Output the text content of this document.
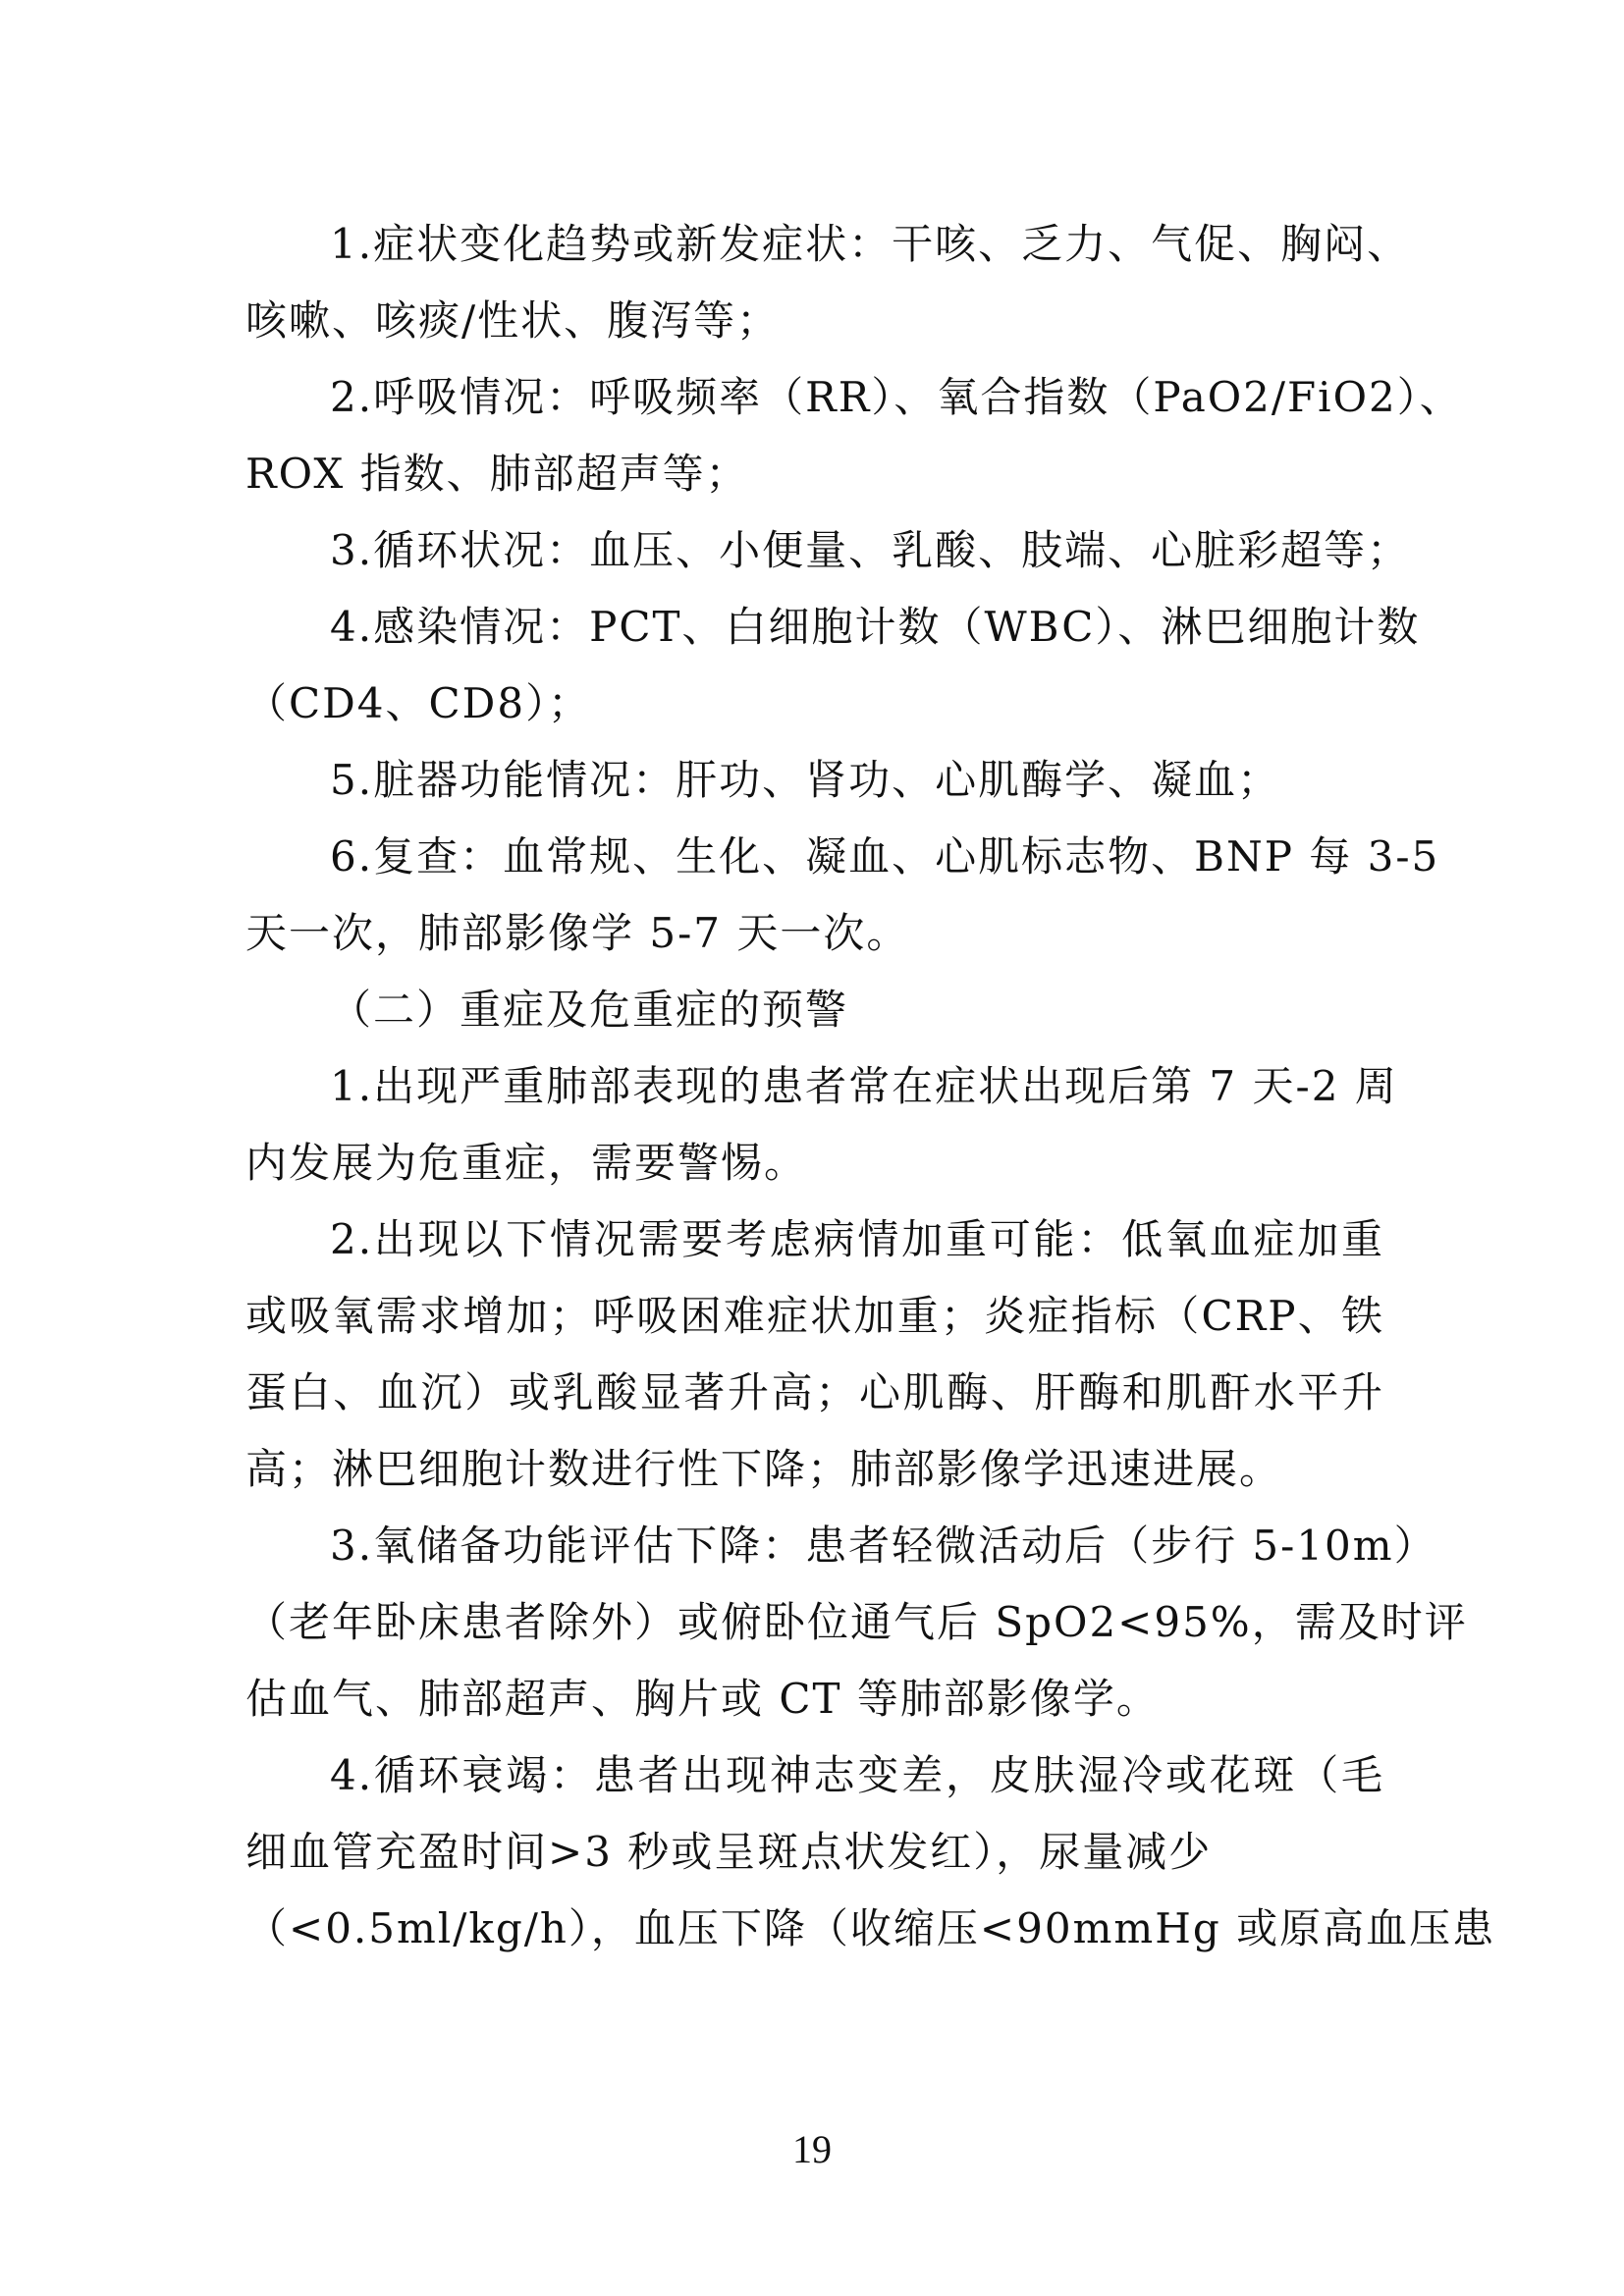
1.症状变化趋势或新发症状：干咳、乏力、气促、胸闷、
咳嗽、咳痰/性状、腹泻等；
2.呼吸情况：呼吸频率（RR）、氧合指数（PaO2/FiO2）、
ROX 指数、肺部超声等；
3.循环状况：血压、小便量、乳酸、肢端、心脏彩超等；
4.感染情况：PCT、白细胞计数（WBC）、淋巴细胞计数
（CD4、CD8）；
5.脏器功能情况：肝功、肾功、心肌酶学、凝血；
6.复查：血常规、生化、凝血、心肌标志物、BNP 每 3-5
天一次，肺部影像学 5-7 天一次。
（二）重症及危重症的预警
1.出现严重肺部表现的患者常在症状出现后第 7 天-2 周
内发展为危重症，需要警惕。
2.出现以下情况需要考虑病情加重可能：低氧血症加重
或吸氧需求增加；呼吸困难症状加重；炎症指标（CRP、铁
蛋白、血沉）或乳酸显著升高；心肌酶、肝酶和肌酐水平升
高；淋巴细胞计数进行性下降；肺部影像学迅速进展。
3.氧储备功能评估下降：患者轻微活动后（步行 5-10m）
（老年卧床患者除外）或俯卧位通气后 SpO2<95%，需及时评
估血气、肺部超声、胸片或 CT 等肺部影像学。
4.循环衰竭：患者出现神志变差，皮肤湿冷或花斑（毛
细血管充盈时间>3 秒或呈斑点状发红），尿量减少
（<0.5ml/kg/h），血压下降（收缩压<90mmHg 或原高血压患
19
